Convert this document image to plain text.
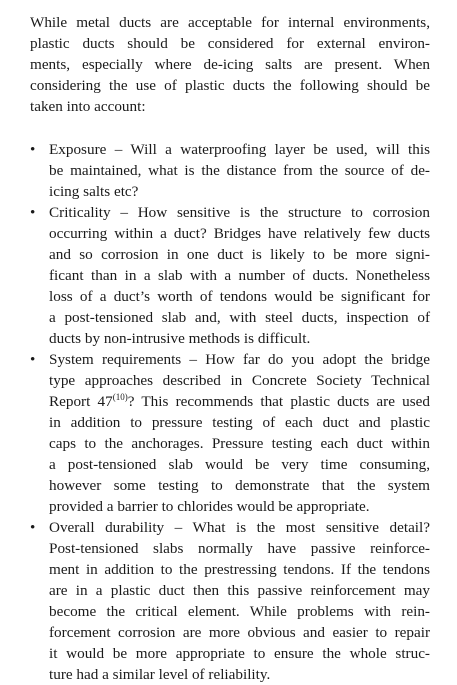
While metal ducts are acceptable for internal environments,
plastic ducts should be considered for external environ-
ments, especially where de-icing salts are present. When
considering the use of plastic ducts the following should be
taken into account:
• Exposure – Will a waterproofing layer be used, will this
be maintained, what is the distance from the source of de-
icing salts etc?
• Criticality – How sensitive is the structure to corrosion
occurring within a duct? Bridges have relatively few ducts
and so corrosion in one duct is likely to be more signi-
ficant than in a slab with a number of ducts. Nonetheless
loss of a duct’s worth of tendons would be significant for
a post-tensioned slab and, with steel ducts, inspection of
ducts by non-intrusive methods is difficult.
• System requirements – How far do you adopt the bridge
type approaches described in Concrete Society Technical
Report 47$^{(10)}$? This recommends that plastic ducts are used
in addition to pressure testing of each duct and plastic
caps to the anchorages. Pressure testing each duct within
a post-tensioned slab would be very time consuming,
however some testing to demonstrate that the system
provided a barrier to chlorides would be appropriate.
• Overall durability – What is the most sensitive detail?
Post-tensioned slabs normally have passive reinforce-
ment in addition to the prestressing tendons. If the tendons
are in a plastic duct then this passive reinforcement may
become the critical element. While problems with rein-
forcement corrosion are more obvious and easier to repair
it would be more appropriate to ensure the whole struc-
ture had a similar level of reliability.
